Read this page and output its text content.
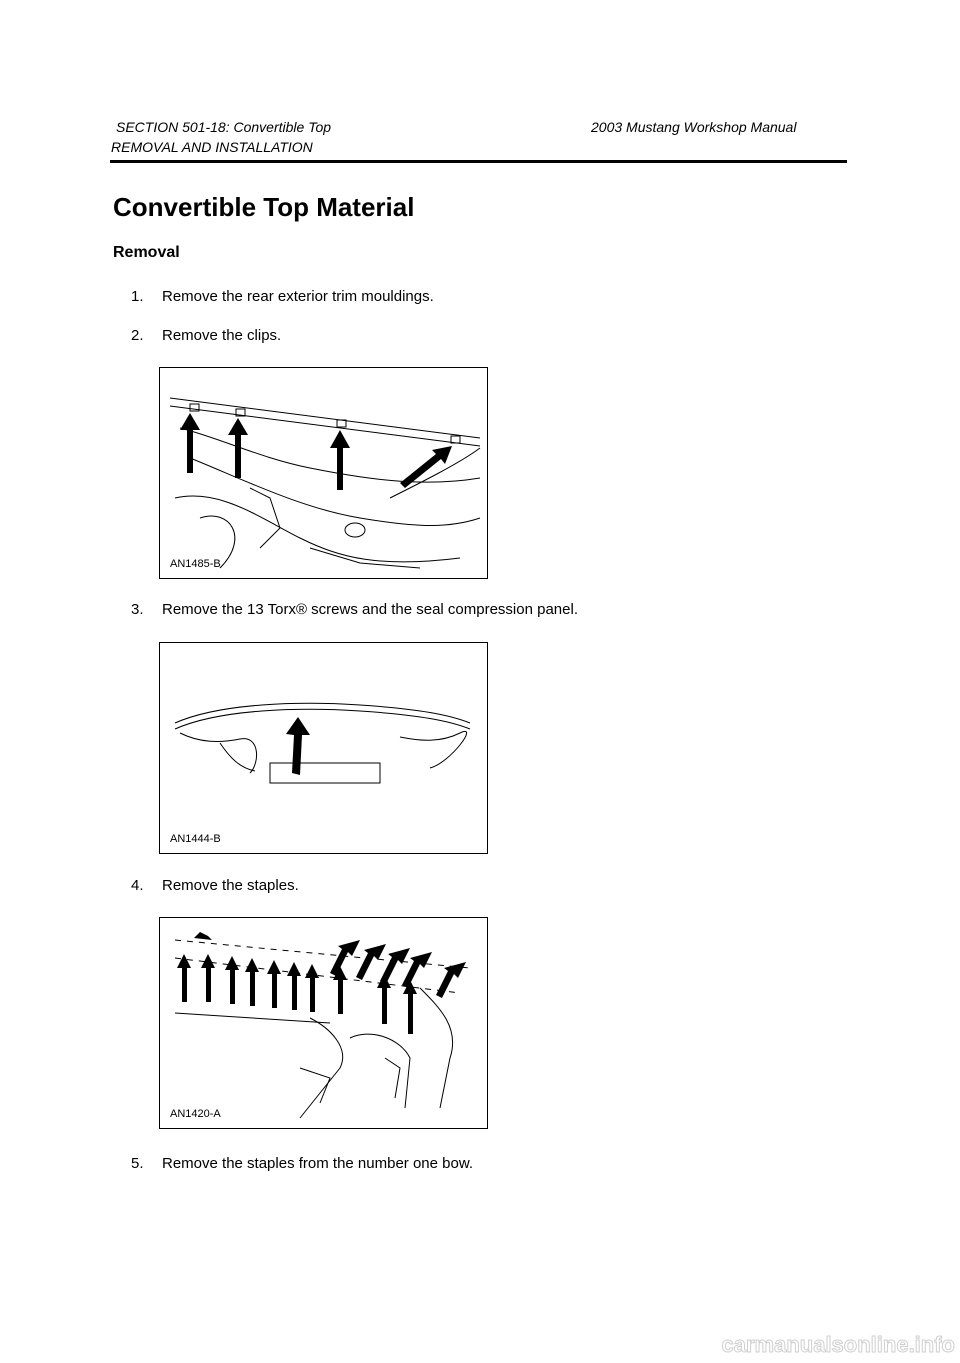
SECTION 501-18: Convertible Top	2003 Mustang Workshop Manual
REMOVAL AND INSTALLATION
Convertible Top Material
Removal
1. Remove the rear exterior trim mouldings.
2. Remove the clips.
AN1485-B
3. Remove the 13 Torx® screws and the seal compression panel.
AN1444-B
4. Remove the staples.
AN1420-A
5. Remove the staples from the number one bow.
carmanualsonline.info
